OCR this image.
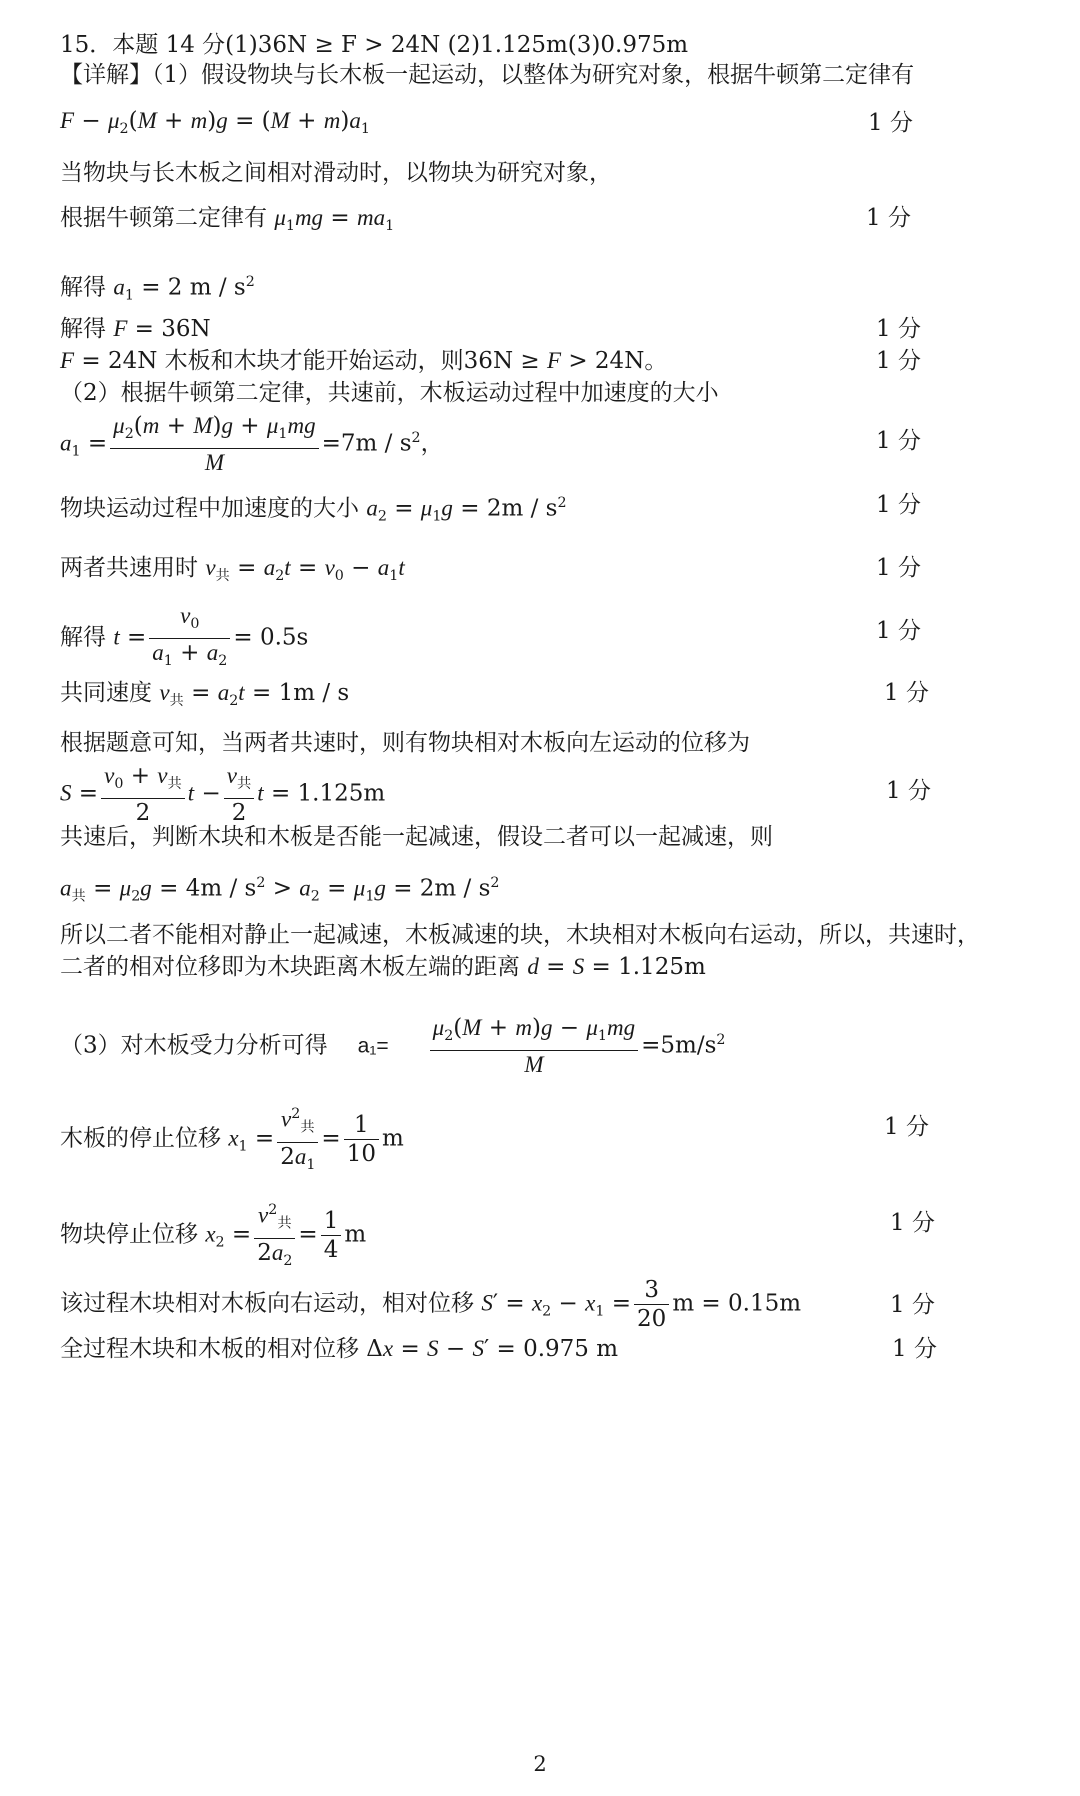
15．本题 14 分(1)36N ≥ F > 24N (2)1.125m(3)0.975m
【详解】（1）假设物块与长木板一起运动，以整体为研究对象，根据牛顿第二定律有
$F - \mu_2(M + m)g = (M + m)a_1$	1 分
当物块与长木板之间相对滑动时，以物块为研究对象，
根据牛顿第二定律有 $\mu_1mg = ma_1$	1 分
解得 $a_1 = 2$ m / $s^2$
解得 F = 36N	1 分
F = 24N 木板和木块才能开始运动，则36N ≥ F > 24N。	1 分
（2）根据牛顿第二定律，共速前，木板运动过程中加速度的大小
$a_1 = \frac{\mu_2(m + M)g + \mu_1mg}{M} =7m / s^2$，	1 分
物块运动过程中加速度的大小 $a_2 = \mu_1g = 2m / s^2$	1 分
两者共速用时 $v_共 = a_2t = v_0 - a_1t$	1 分
解得 $t = \frac{v_0}{a_1 + a_2} = 0.5s$	1 分
共同速度 $v_共 = a_2t = 1m / s$	1 分
根据题意可知，当两者共速时，则有物块相对木板向左运动的位移为
$S = \frac{v_0 + v_共}{2}$ $t - \frac{v_共}{2}$ t = 1.125m	1 分
共速后，判断木块和木板是否能一起减速，假设二者可以一起减速，则
$a_共 = \mu_2g = 4m / s^2 > a_2 = \mu_1g = 2m / s^2$
所以二者不能相对静止一起减速，木板减速的块，木块相对木板向右运动，所以，共速时，
二者的相对位移即为木块距离木板左端的距离 d = S = 1.125m
（3）对木板受力分析可得 $a_1= \frac{\mu_2(M + m)g - \mu_1mg}{M} =5m/s^2$
木板的停止位移 $x_1 = \frac{v^2_共}{2a_1} = \frac{1}{10}$ m	1 分
物块停止位移 $x_2 = \frac{v^2_共}{2a_2} = \frac{1}{4}$ m	1 分
该过程木块相对木板向右运动，相对位移 $S' = x_2 - x_1 = \frac{3}{20}$ m = 0.15m	1 分
全过程木块和木板的相对位移 Δx = S − S′ = 0.975 m	1 分
2
